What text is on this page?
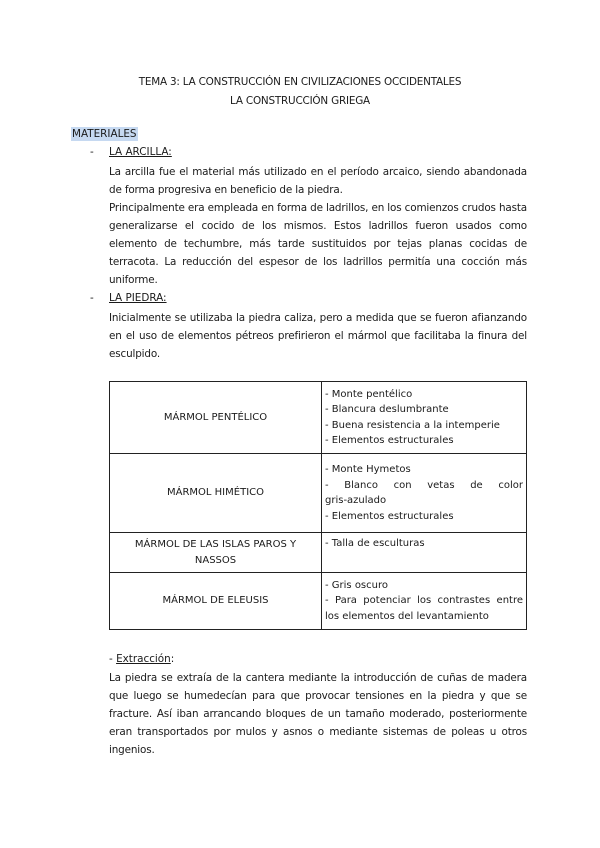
TEMA 3: LA CONSTRUCCIÓN EN CIVILIZACIONES OCCIDENTALES
LA CONSTRUCCIÓN GRIEGA
MATERIALES
- LA ARCILLA:
La arcilla fue el material más utilizado en el período arcaico, siendo abandonada de forma progresiva en beneficio de la piedra.
Principalmente era empleada en forma de ladrillos, en los comienzos crudos hasta generalizarse el cocido de los mismos. Estos ladrillos fueron usados como elemento de techumbre, más tarde sustituidos por tejas planas cocidas de terracota. La reducción del espesor de los ladrillos permitía una cocción más uniforme.
- LA PIEDRA:
Inicialmente se utilizaba la piedra caliza, pero a medida que se fueron afianzando en el uso de elementos pétreos prefirieron el mármol que facilitaba la finura del esculpido.
MÁRMOL PENTÉLICO	- Monte pentélico
- Blancura deslumbrante
- Buena resistencia a la intemperie
- Elementos estructurales

MÁRMOL HIMÉTICO	- Monte Hymetos
- Blanco con vetas de color
gris-azulado
- Elementos estructurales

MÁRMOL DE LAS ISLAS PAROS Y NASSOS	- Talla de esculturas

MÁRMOL DE ELEUSIS	- Gris oscuro
- Para potenciar los contrastes entre
los elementos del levantamiento
- Extracción:
La piedra se extraía de la cantera mediante la introducción de cuñas de madera que luego se humedecían para que provocar tensiones en la piedra y que se fracture. Así iban arrancando bloques de un tamaño moderado, posteriormente eran transportados por mulos y asnos o mediante sistemas de poleas u otros ingenios.
